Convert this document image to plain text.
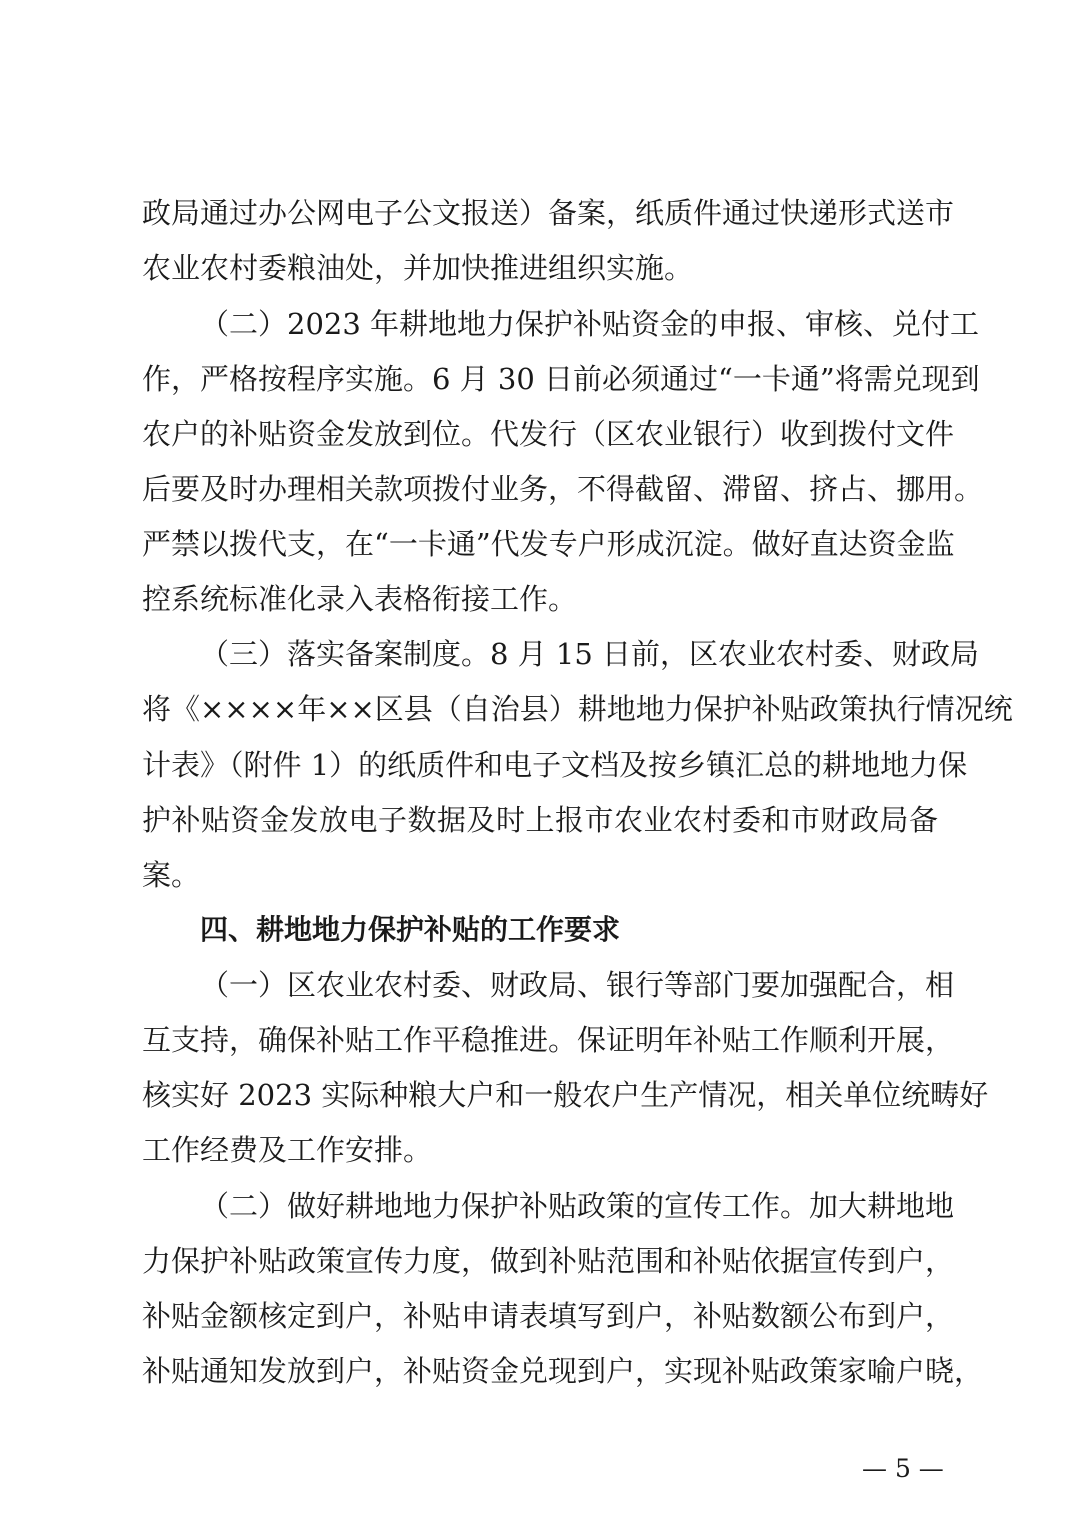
政局通过办公网电子公文报送）备案，纸质件通过快递形式送市
农业农村委粮油处，并加快推进组织实施。
（二）2023 年耕地地力保护补贴资金的申报、审核、兑付工
作，严格按程序实施。6 月 30 日前必须通过“一卡通”将需兑现到
农户的补贴资金发放到位。代发行（区农业银行）收到拨付文件
后要及时办理相关款项拨付业务，不得截留、滞留、挤占、挪用。
严禁以拨代支，在“一卡通”代发专户形成沉淀。做好直达资金监
控系统标准化录入表格衔接工作。
（三）落实备案制度。8 月 15 日前，区农业农村委、财政局
将《××××年××区县（自治县）耕地地力保护补贴政策执行情况统
计表》（附件 1）的纸质件和电子文档及按乡镇汇总的耕地地力保
护补贴资金发放电子数据及时上报市农业农村委和市财政局备
案。
四、耕地地力保护补贴的工作要求
（一）区农业农村委、财政局、银行等部门要加强配合，相
互支持，确保补贴工作平稳推进。保证明年补贴工作顺利开展，
核实好 2023 实际种粮大户和一般农户生产情况，相关单位统畴好
工作经费及工作安排。
（二）做好耕地地力保护补贴政策的宣传工作。加大耕地地
力保护补贴政策宣传力度，做到补贴范围和补贴依据宣传到户，
补贴金额核定到户，补贴申请表填写到户，补贴数额公布到户，
补贴通知发放到户，补贴资金兑现到户，实现补贴政策家喻户晓，
— 5 —
